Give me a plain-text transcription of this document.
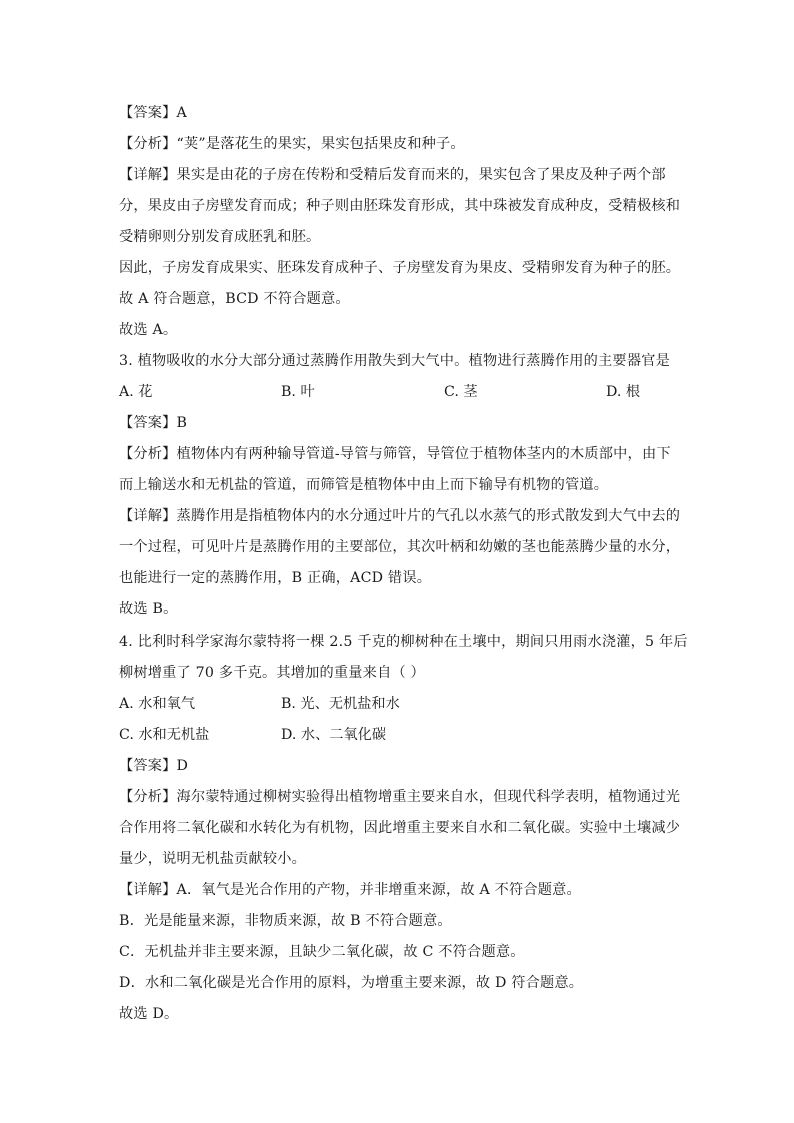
【答案】A
【分析】“荚”是落花生的果实，果实包括果皮和种子。
【详解】果实是由花的子房在传粉和受精后发育而来的，果实包含了果皮及种子两个部
分，果皮由子房壁发育而成；种子则由胚珠发育形成，其中珠被发育成种皮，受精极核和
受精卵则分别发育成胚乳和胚。
因此，子房发育成果实、胚珠发育成种子、子房壁发育为果皮、受精卵发育为种子的胚。
故 A 符合题意，BCD 不符合题意。
故选 A。
3. 植物吸收的水分大部分通过蒸腾作用散失到大气中。植物进行蒸腾作用的主要器官是
A. 花	B. 叶	C. 茎	D. 根
【答案】B
【分析】植物体内有两种输导管道-导管与筛管，导管位于植物体茎内的木质部中，由下
而上输送水和无机盐的管道，而筛管是植物体中由上而下输导有机物的管道。
【详解】蒸腾作用是指植物体内的水分通过叶片的气孔以水蒸气的形式散发到大气中去的
一个过程，可见叶片是蒸腾作用的主要部位，其次叶柄和幼嫩的茎也能蒸腾少量的水分，
也能进行一定的蒸腾作用，B 正确，ACD 错误。
故选 B。
4. 比利时科学家海尔蒙特将一棵 2.5 千克的柳树种在土壤中，期间只用雨水浇灌，5 年后
柳树增重了 70 多千克。其增加的重量来自（ ）
A. 水和氧气	B. 光、无机盐和水
C. 水和无机盐	D. 水、二氧化碳
【答案】D
【分析】海尔蒙特通过柳树实验得出植物增重主要来自水，但现代科学表明，植物通过光
合作用将二氧化碳和水转化为有机物，因此增重主要来自水和二氧化碳。实验中土壤减少
量少，说明无机盐贡献较小。
【详解】A．氧气是光合作用的产物，并非增重来源，故 A 不符合题意。
B．光是能量来源，非物质来源，故 B 不符合题意。
C．无机盐并非主要来源，且缺少二氧化碳，故 C 不符合题意。
D．水和二氧化碳是光合作用的原料，为增重主要来源，故 D 符合题意。
故选 D。
